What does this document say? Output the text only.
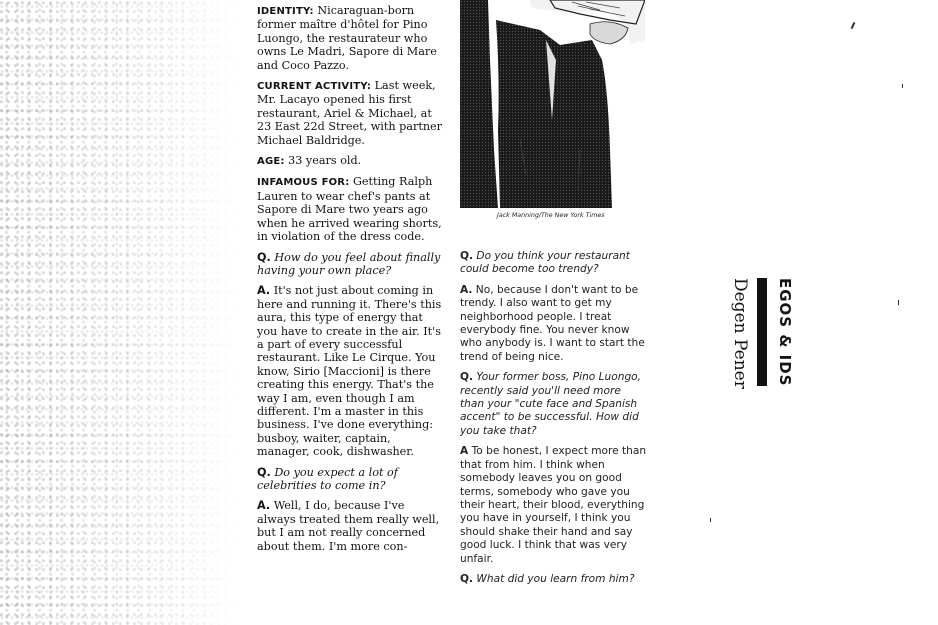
IDENTITY: Nicaraguan-born former maître d'hôtel for Pino Luongo, the restaurateur who owns Le Madri, Sapore di Mare and Coco Pazzo.

CURRENT ACTIVITY: Last week, Mr. Lacayo opened his first restaurant, Ariel & Michael, at 23 East 22d Street, with partner Michael Baldridge.

AGE: 33 years old.

INFAMOUS FOR: Getting Ralph Lauren to wear chef's pants at Sapore di Mare two years ago when he arrived wearing shorts, in violation of the dress code.

Q. How do you feel about finally having your own place?

A. It's not just about coming in here and running it. There's this aura, this type of energy that you have to create in the air. It's a part of every successful restaurant. Like Le Cirque. You know, Sirio [Maccioni] is there creating this energy. That's the way I am, even though I am different. I'm a master in this business. I've done everything: busboy, waiter, captain, manager, cook, dishwasher.

Q. Do you expect a lot of celebrities to come in?

A. Well, I do, because I've always treated them really well, but I am not really concerned about them. I'm more con-

Jack Manning/The New York Times

Q. Do you think your restaurant could become too trendy?

A. No, because I don't want to be trendy. I also want to get my neighborhood people. I treat everybody fine. You never know who anybody is. I want to start the trend of being nice.

Q. Your former boss, Pino Luongo, recently said you'll need more than your "cute face and Spanish accent" to be successful. How did you take that?

A To be honest, I expect more than that from him. I think when somebody leaves you on good terms, somebody who gave you their heart, their blood, everything you have in yourself, I think you should shake their hand and say good luck. I think that was very unfair.

Q. What did you learn from him?

Degen Pener EGOS & IDS
